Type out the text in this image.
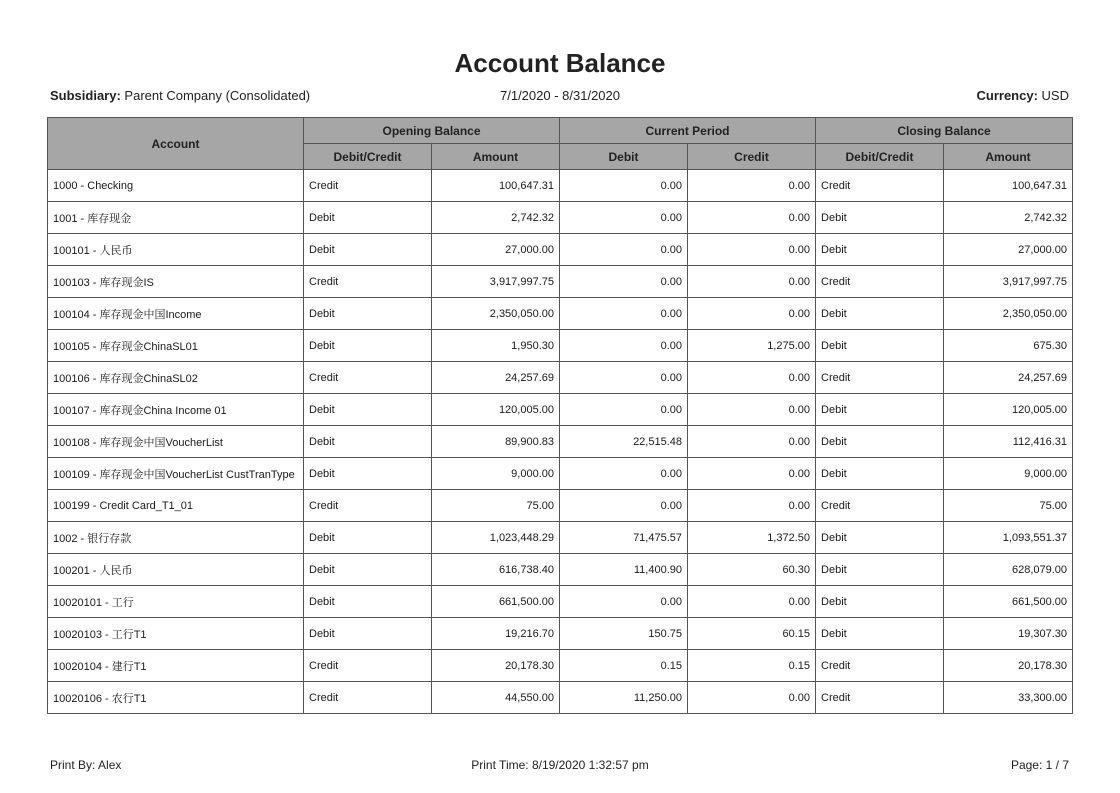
Account Balance
Subsidiary: Parent Company (Consolidated)	7/1/2020 - 8/31/2020	Currency: USD
Account	Opening Balance		Current Period		Closing Balance	
	Debit/Credit	Amount	Debit	Credit	Debit/Credit	Amount
1000 - Checking	Credit	100,647.31	0.00	0.00	Credit	100,647.31
1001 - 库存现金	Debit	2,742.32	0.00	0.00	Debit	2,742.32
100101 - 人民币	Debit	27,000.00	0.00	0.00	Debit	27,000.00
100103 - 库存现金IS	Credit	3,917,997.75	0.00	0.00	Credit	3,917,997.75
100104 - 库存现金中国Income	Debit	2,350,050.00	0.00	0.00	Debit	2,350,050.00
100105 - 库存现金ChinaSL01	Debit	1,950.30	0.00	1,275.00	Debit	675.30
100106 - 库存现金ChinaSL02	Credit	24,257.69	0.00	0.00	Credit	24,257.69
100107 - 库存现金China Income 01	Debit	120,005.00	0.00	0.00	Debit	120,005.00
100108 - 库存现金中国VoucherList	Debit	89,900.83	22,515.48	0.00	Debit	112,416.31
100109 - 库存现金中国VoucherList CustTranType	Debit	9,000.00	0.00	0.00	Debit	9,000.00
100199 - Credit Card_T1_01	Credit	75.00	0.00	0.00	Credit	75.00
1002 - 银行存款	Debit	1,023,448.29	71,475.57	1,372.50	Debit	1,093,551.37
100201 - 人民币	Debit	616,738.40	11,400.90	60.30	Debit	628,079.00
10020101 - 工行	Debit	661,500.00	0.00	0.00	Debit	661,500.00
10020103 - 工行T1	Debit	19,216.70	150.75	60.15	Debit	19,307.30
10020104 - 建行T1	Credit	20,178.30	0.15	0.15	Credit	20,178.30
10020106 - 农行T1	Credit	44,550.00	11,250.00	0.00	Credit	33,300.00
Print By: Alex	Print Time: 8/19/2020 1:32:57 pm	Page: 1 / 7
